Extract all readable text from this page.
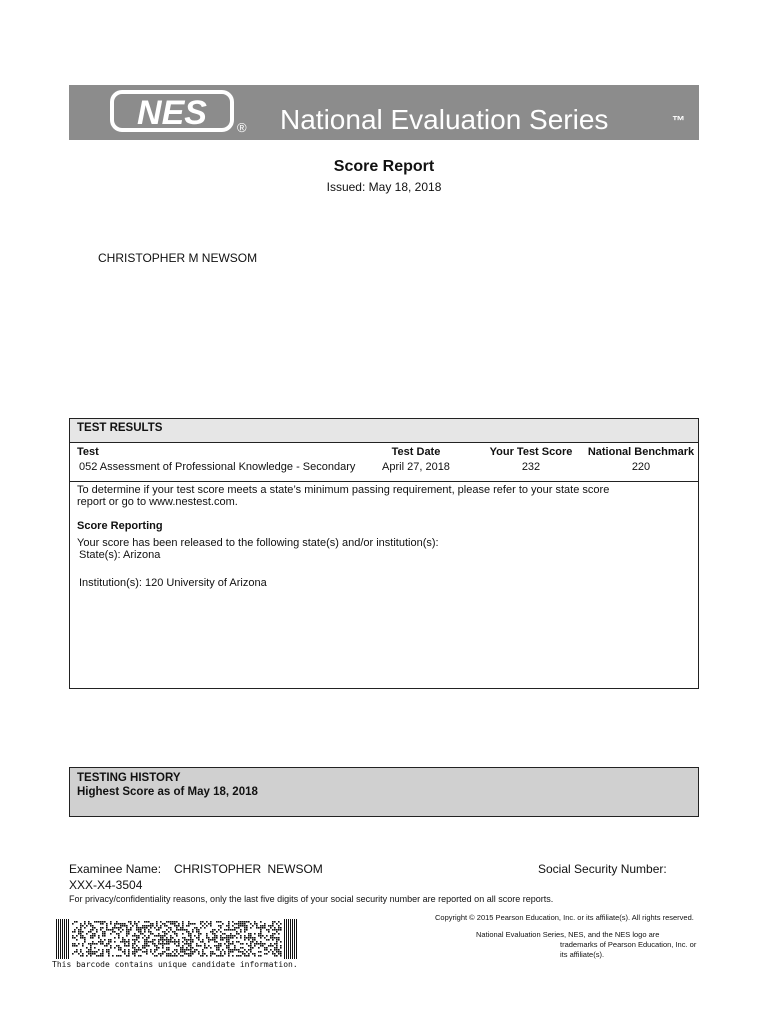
NES ® National Evaluation Series	™
Score Report
Issued: May 18, 2018
CHRISTOPHER M NEWSOM
TEST RESULTS
Test	Test Date	Your Test Score	National Benchmark
052 Assessment of Professional Knowledge - Secondary	April 27, 2018	232	220
To determine if your test score meets a state’s minimum passing requirement, please refer to your state score
report or go to www.nestest.com.
Score Reporting
Your score has been released to the following state(s) and/or institution(s):
State(s): Arizona
Institution(s): 120 University of Arizona
TESTING HISTORY
Highest Score as of May 18, 2018
Examinee Name: CHRISTOPHER NEWSOM	Social Security Number:
XXX-X4-3504
For privacy/confidentiality reasons, only the last five digits of your social security number are reported on all score reports.
Copyright © 2015 Pearson Education, Inc. or its affiliate(s). All rights reserved.
National Evaluation Series, NES, and the NES logo are
trademarks of Pearson Education, Inc. or
its affiliate(s).
This barcode contains unique candidate information.
